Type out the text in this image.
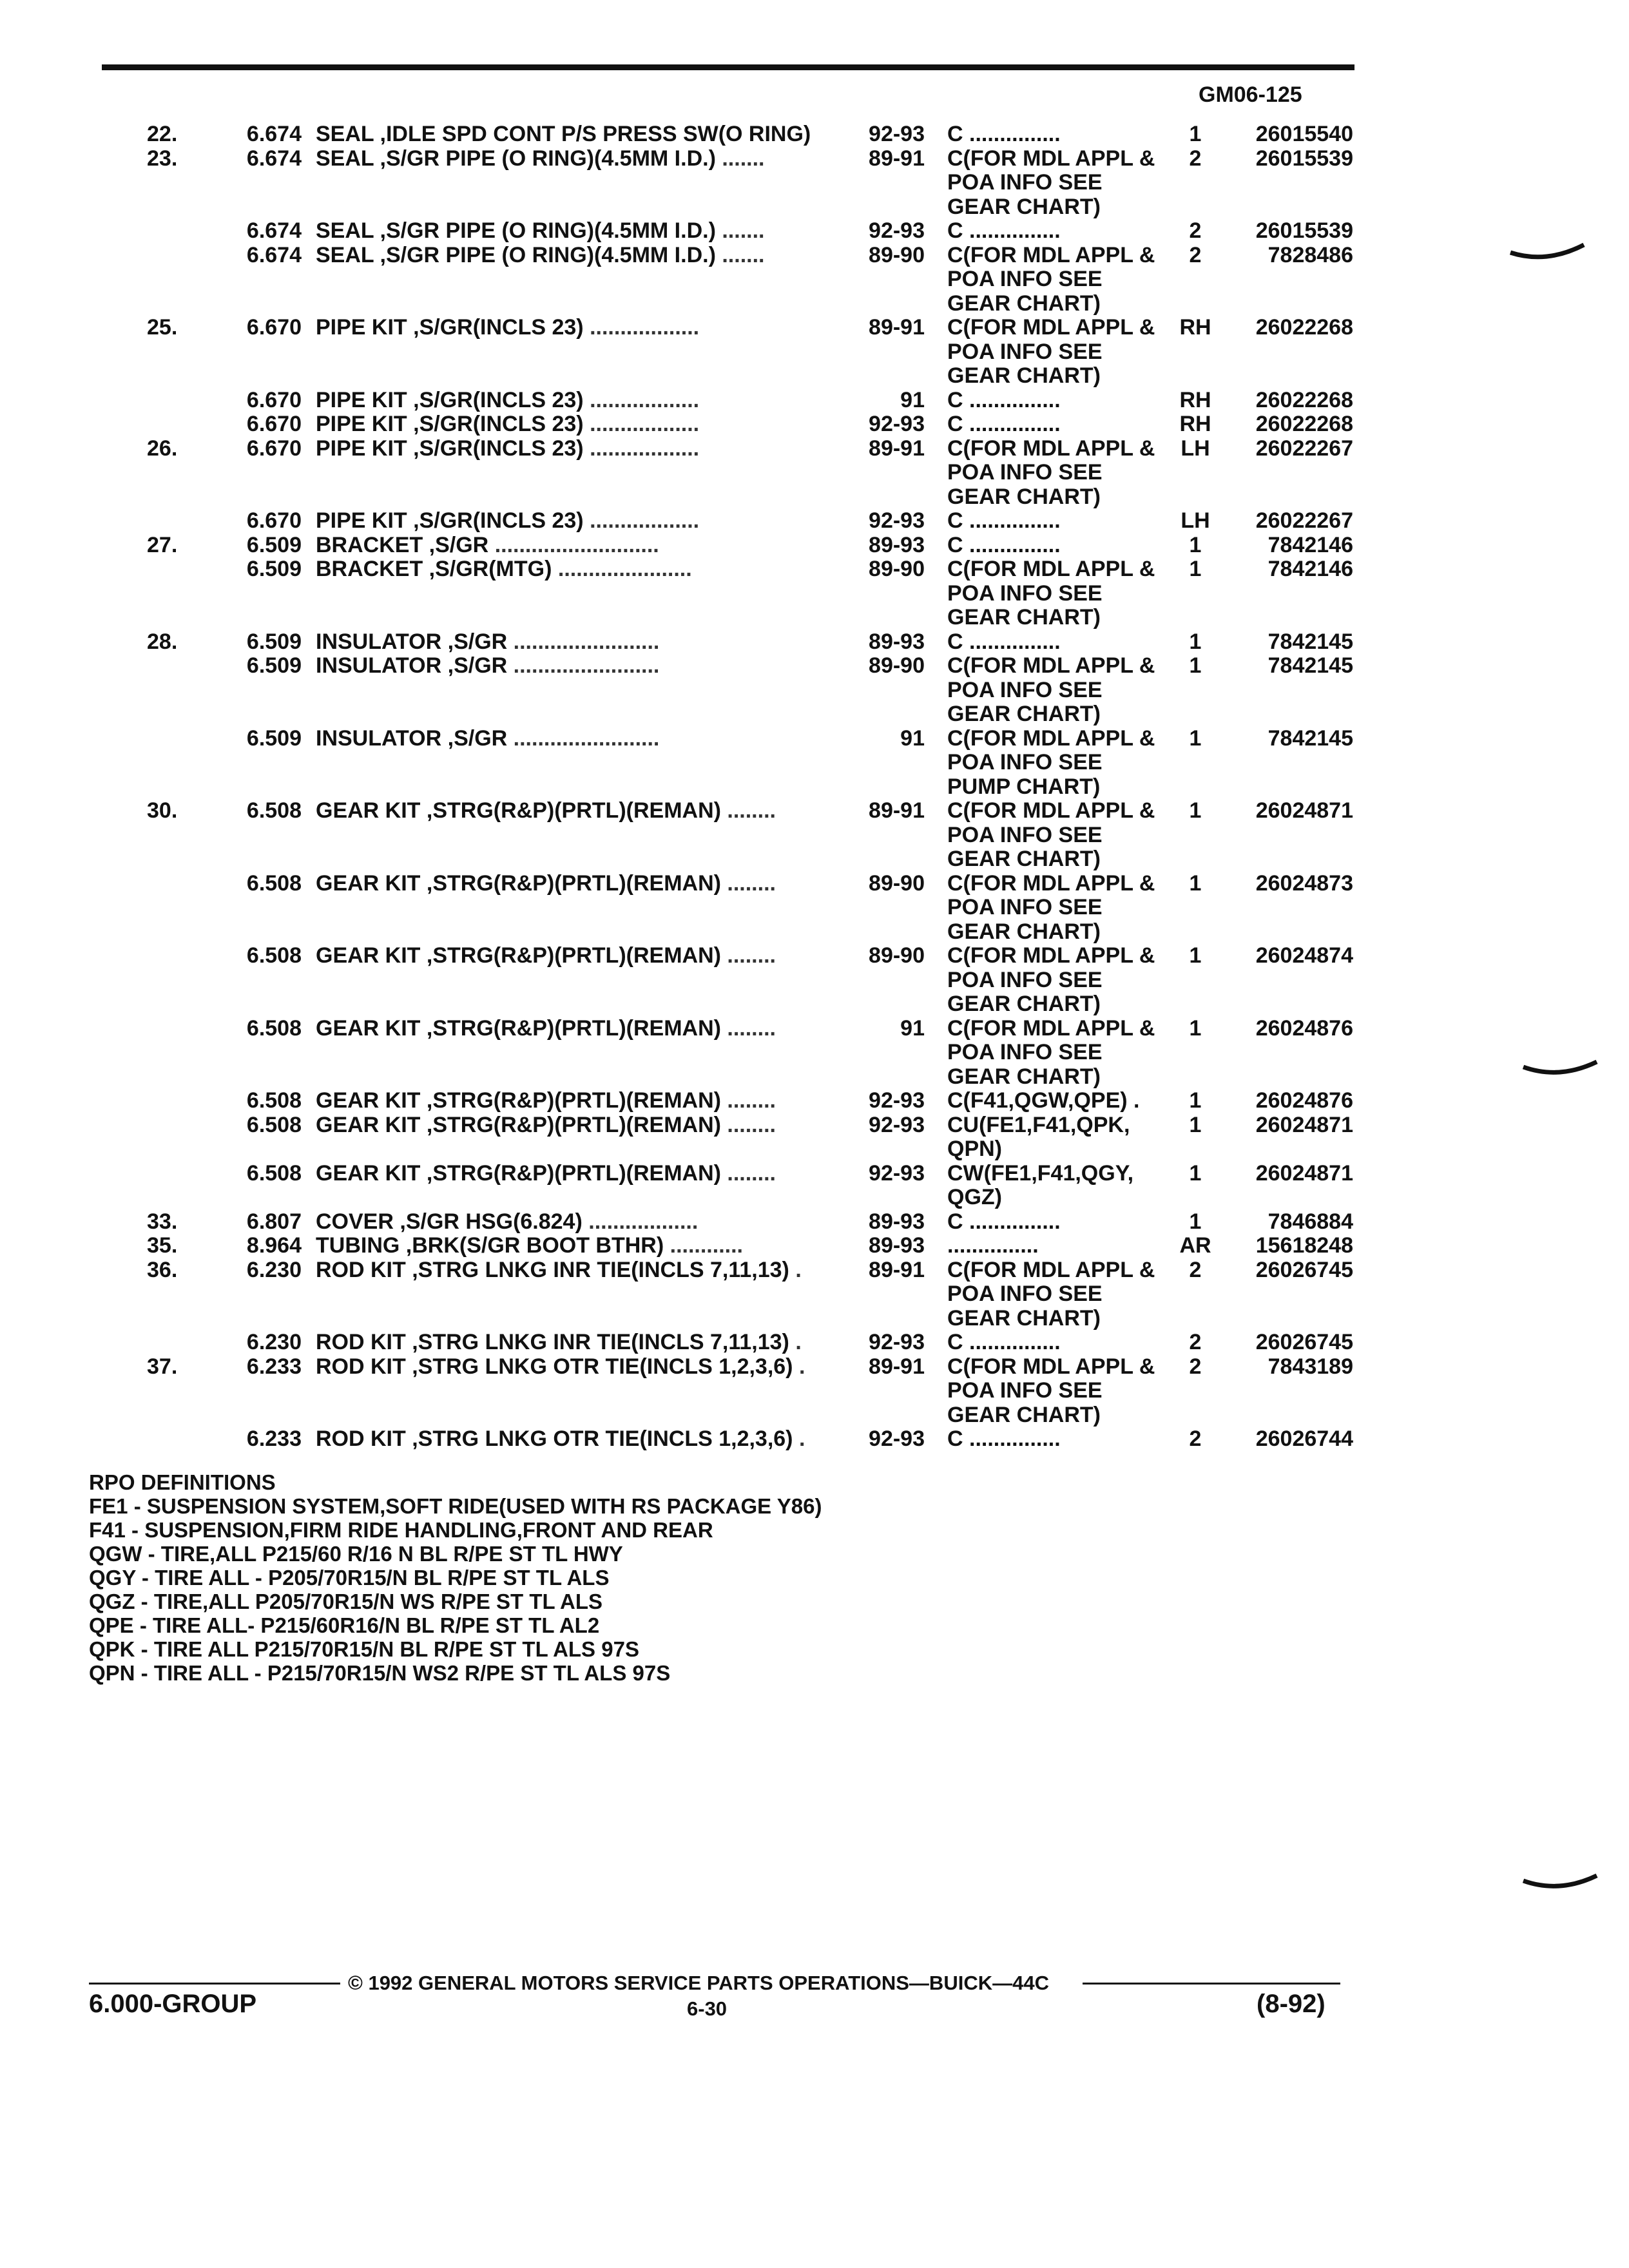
GM06-125
22.	6.674 SEAL ,IDLE SPD CONT P/S PRESS SW(O RING)	92-93 C ...............	1	26015540
23.	6.674 SEAL ,S/GR PIPE (O RING)(4.5MM I.D.) .......	89-91 C(FOR MDL APPL &	2	26015539
POA INFO SEE
GEAR CHART)
6.674 SEAL ,S/GR PIPE (O RING)(4.5MM I.D.) .......	92-93 C ...............	2	26015539
6.674 SEAL ,S/GR PIPE (O RING)(4.5MM I.D.) .......	89-90 C(FOR MDL APPL &	2	7828486
POA INFO SEE
GEAR CHART)
25.	6.670 PIPE KIT ,S/GR(INCLS 23) ..................	89-91 C(FOR MDL APPL &	RH	26022268
POA INFO SEE
GEAR CHART)
6.670 PIPE KIT ,S/GR(INCLS 23) ..................	91 C ...............	RH	26022268
6.670 PIPE KIT ,S/GR(INCLS 23) ..................	92-93 C ...............	RH	26022268
26.	6.670 PIPE KIT ,S/GR(INCLS 23) ..................	89-91 C(FOR MDL APPL &	LH	26022267
POA INFO SEE
GEAR CHART)
6.670 PIPE KIT ,S/GR(INCLS 23) ..................	92-93 C ...............	LH	26022267
27.	6.509 BRACKET ,S/GR ...........................	89-93 C ...............	1	7842146
6.509 BRACKET ,S/GR(MTG) ......................	89-90 C(FOR MDL APPL &	1	7842146
POA INFO SEE
GEAR CHART)
28.	6.509 INSULATOR ,S/GR ........................	89-93 C ...............	1	7842145
6.509 INSULATOR ,S/GR ........................	89-90 C(FOR MDL APPL &	1	7842145
POA INFO SEE
GEAR CHART)
6.509 INSULATOR ,S/GR ........................	91 C(FOR MDL APPL &	1	7842145
POA INFO SEE
PUMP CHART)
30.	6.508 GEAR KIT ,STRG(R&P)(PRTL)(REMAN) ........	89-91 C(FOR MDL APPL &	1	26024871
POA INFO SEE
GEAR CHART)
6.508 GEAR KIT ,STRG(R&P)(PRTL)(REMAN) ........	89-90 C(FOR MDL APPL &	1	26024873
POA INFO SEE
GEAR CHART)
6.508 GEAR KIT ,STRG(R&P)(PRTL)(REMAN) ........	89-90 C(FOR MDL APPL &	1	26024874
POA INFO SEE
GEAR CHART)
6.508 GEAR KIT ,STRG(R&P)(PRTL)(REMAN) ........	91 C(FOR MDL APPL &	1	26024876
POA INFO SEE
GEAR CHART)
6.508 GEAR KIT ,STRG(R&P)(PRTL)(REMAN) ........	92-93 C(F41,QGW,QPE) .	1	26024876
6.508 GEAR KIT ,STRG(R&P)(PRTL)(REMAN) ........	92-93 CU(FE1,F41,QPK,	1	26024871
QPN)
6.508 GEAR KIT ,STRG(R&P)(PRTL)(REMAN) ........	92-93 CW(FE1,F41,QGY,	1	26024871
QGZ)
33.	6.807 COVER ,S/GR HSG(6.824) ..................	89-93 C ...............	1	7846884
35.	8.964 TUBING ,BRK(S/GR BOOT BTHR) ............	89-93 ...............	AR	15618248
36.	6.230 ROD KIT ,STRG LNKG INR TIE(INCLS 7,11,13) .	89-91 C(FOR MDL APPL &	2	26026745
POA INFO SEE
GEAR CHART)
6.230 ROD KIT ,STRG LNKG INR TIE(INCLS 7,11,13) .	92-93 C ...............	2	26026745
37.	6.233 ROD KIT ,STRG LNKG OTR TIE(INCLS 1,2,3,6) .	89-91 C(FOR MDL APPL &	2	7843189
POA INFO SEE
GEAR CHART)
6.233 ROD KIT ,STRG LNKG OTR TIE(INCLS 1,2,3,6) .	92-93 C ...............	2	26026744
RPO DEFINITIONS
FE1 - SUSPENSION SYSTEM,SOFT RIDE(USED WITH RS PACKAGE Y86)
F41 - SUSPENSION,FIRM RIDE HANDLING,FRONT AND REAR
QGW - TIRE,ALL P215/60 R/16 N BL R/PE ST TL HWY
QGY - TIRE ALL - P205/70R15/N BL R/PE ST TL ALS
QGZ - TIRE,ALL P205/70R15/N WS R/PE ST TL ALS
QPE - TIRE ALL- P215/60R16/N BL R/PE ST TL AL2
QPK - TIRE ALL P215/70R15/N BL R/PE ST TL ALS 97S
QPN - TIRE ALL - P215/70R15/N WS2 R/PE ST TL ALS 97S
© 1992 GENERAL MOTORS SERVICE PARTS OPERATIONS—BUICK—44C
6.000-GROUP	6-30	(8-92)
